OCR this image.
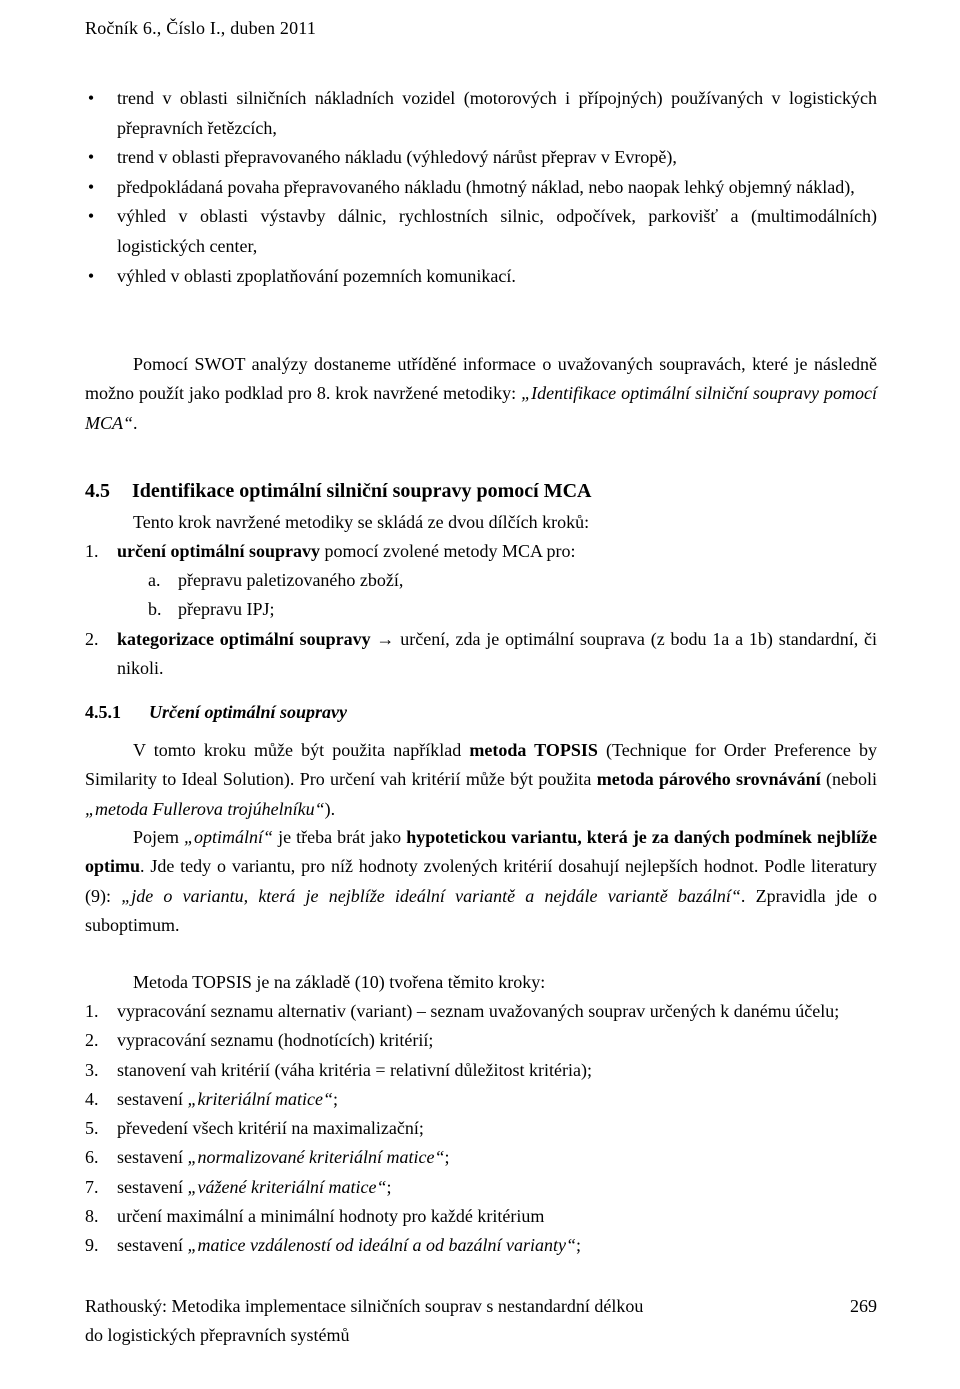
Ročník 6., Číslo I., duben 2011
• trend v oblasti silničních nákladních vozidel (motorových i přípojných) používaných v logistických přepravních řetězcích,
• trend v oblasti přepravovaného nákladu (výhledový nárůst přeprav v Evropě),
• předpokládaná povaha přepravovaného nákladu (hmotný náklad, nebo naopak lehký objemný náklad),
• výhled v oblasti výstavby dálnic, rychlostních silnic, odpočívek, parkovišť a (multimodálních) logistických center,
• výhled v oblasti zpoplatňování pozemních komunikací.

Pomocí SWOT analýzy dostaneme utříděné informace o uvažovaných soupravách, které je následně možno použít jako podklad pro 8. krok navržené metodiky: „Identifikace optimální silniční soupravy pomocí MCA“.

4.5 Identifikace optimální silniční soupravy pomocí MCA

Tento krok navržené metodiky se skládá ze dvou dílčích kroků:

1. určení optimální soupravy pomocí zvolené metody MCA pro:
a. přepravu paletizovaného zboží,
b. přepravu IPJ;
2. kategorizace optimální soupravy → určení, zda je optimální souprava (z bodu 1a a 1b) standardní, či nikoli.
4.5.1 Určení optimální soupravy

V tomto kroku může být použita například metoda TOPSIS (Technique for Order Preference by Similarity to Ideal Solution). Pro určení vah kritérií může být použita metoda párového srovnávání (neboli „metoda Fullerova trojúhelníku“).

Pojem „optimální“ je třeba brát jako hypotetickou variantu, která je za daných podmínek nejblíže optimu. Jde tedy o variantu, pro níž hodnoty zvolených kritérií dosahují nejlepších hodnot. Podle literatury (9): „jde o variantu, která je nejblíže ideální variantě a nejdále variantě bazální“. Zpravidla jde o suboptimum.

Metoda TOPSIS je na základě (10) tvořena těmito kroky:

1. vypracování seznamu alternativ (variant) – seznam uvažovaných souprav určených k danému účelu;
2. vypracování seznamu (hodnotících) kritérií;
3. stanovení vah kritérií (váha kritéria = relativní důležitost kritéria);
4. sestavení „kriteriální matice“;
5. převedení všech kritérií na maximalizační;
6. sestavení „normalizované kriteriální matice“;
7. sestavení „vážené kriteriální matice“;
8. určení maximální a minimální hodnoty pro každé kritérium
9. sestavení „matice vzdáleností od ideální a od bazální varianty“;
Rathouský: Metodika implementace silničních souprav s nestandardní délkou
do logistických přepravních systémů
269
